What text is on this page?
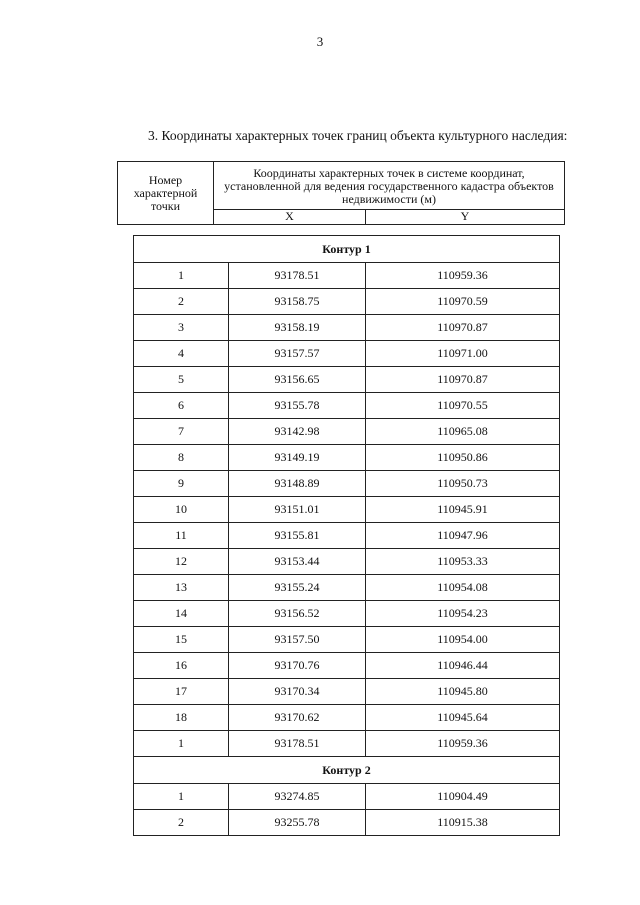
3
3. Координаты характерных точек границ объекта культурного наследия:
Номер характерной точки	Координаты характерных точек в системе координат, установленной для ведения государственного кадастра объектов недвижимости (м)	
	X	Y
Контур 1		
1	93178.51	110959.36
2	93158.75	110970.59
3	93158.19	110970.87
4	93157.57	110971.00
5	93156.65	110970.87
6	93155.78	110970.55
7	93142.98	110965.08
8	93149.19	110950.86
9	93148.89	110950.73
10	93151.01	110945.91
11	93155.81	110947.96
12	93153.44	110953.33
13	93155.24	110954.08
14	93156.52	110954.23
15	93157.50	110954.00
16	93170.76	110946.44
17	93170.34	110945.80
18	93170.62	110945.64
1	93178.51	110959.36
Контур 2		
1	93274.85	110904.49
2	93255.78	110915.38
